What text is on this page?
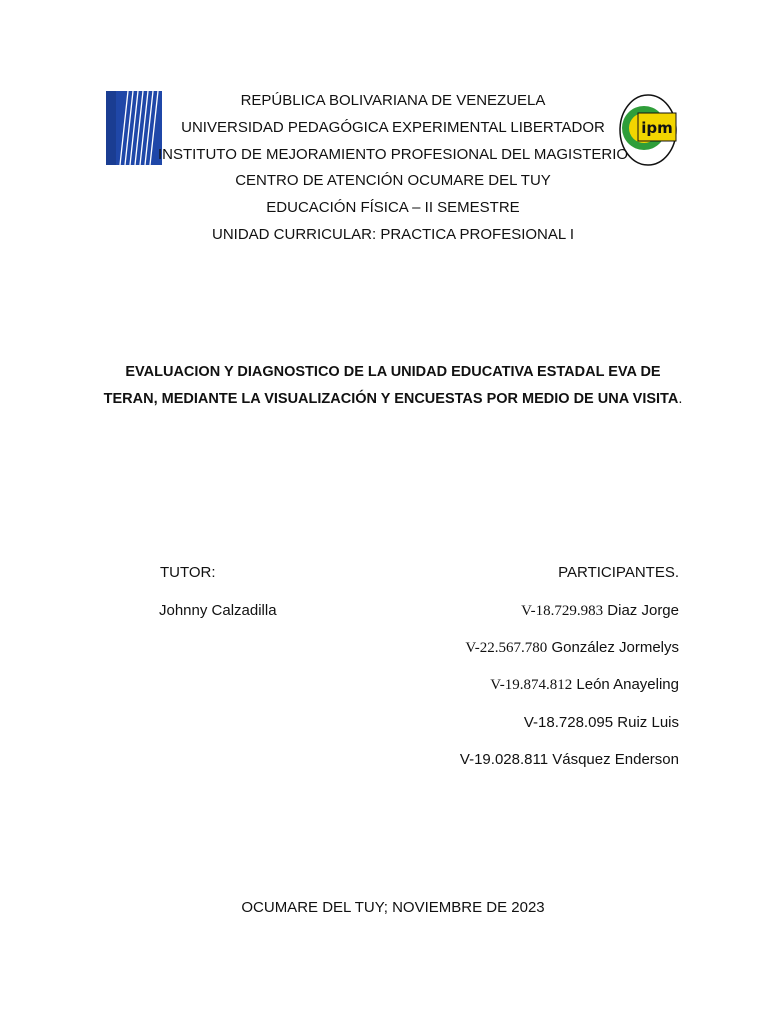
ipm
REPÚBLICA BOLIVARIANA DE VENEZUELA
UNIVERSIDAD PEDAGÓGICA EXPERIMENTAL LIBERTADOR
INSTITUTO DE MEJORAMIENTO PROFESIONAL DEL MAGISTERIO
CENTRO DE ATENCIÓN OCUMARE DEL TUY
EDUCACIÓN FÍSICA – II SEMESTRE
UNIDAD CURRICULAR: PRACTICA PROFESIONAL I
EVALUACION Y DIAGNOSTICO DE LA UNIDAD EDUCATIVA ESTADAL EVA DE TERAN, MEDIANTE LA VISUALIZACIÓN Y ENCUESTAS POR MEDIO DE UNA VISITA.
TUTOR:
Johnny Calzadilla
PARTICIPANTES.
V-18.729.983 Diaz Jorge
V-22.567.780 González Jormelys
V-19.874.812 León Anayeling
V-18.728.095 Ruiz Luis
V-19.028.811 Vásquez Enderson
OCUMARE DEL TUY; NOVIEMBRE DE 2023
